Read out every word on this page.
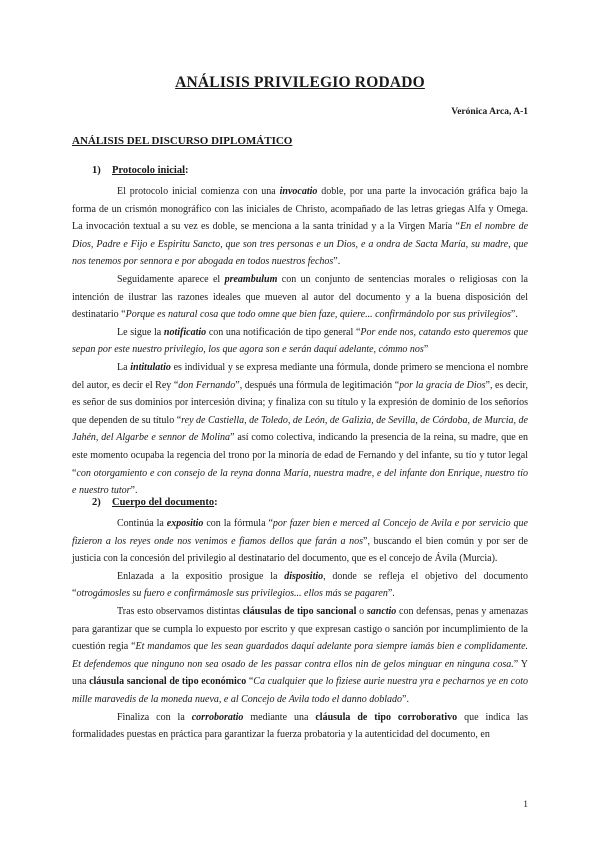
ANÁLISIS PRIVILEGIO RODADO
Verónica Arca, A-1
ANÁLISIS DEL DISCURSO DIPLOMÁTICO
1) Protocolo inicial:

El protocolo inicial comienza con una invocatio doble, por una parte la invocación gráfica bajo la forma de un crismón monográfico con las iniciales de Christo, acompañado de las letras griegas Alfa y Omega. La invocación textual a su vez es doble, se menciona a la santa trinidad y a la Virgen María “En el nombre de Dios, Padre e Fijo e Espiritu Sancto, que son tres personas e un Dios, e a ondra de Sacta María, su madre, que nos tenemos por sennora e por abogada en todos nuestros fechos”.

Seguidamente aparece el preambulum con un conjunto de sentencias morales o religiosas con la intención de ilustrar las razones ideales que mueven al autor del documento y a la buena disposición del destinatario “Porque es natural cosa que todo omne que bien faze, quiere... confirmándolo por sus privilegios”.

Le sigue la notificatio con una notificación de tipo general “Por ende nos, catando esto queremos que sepan por este nuestro privilegio, los que agora son e serán daquí adelante, cómmo nos”

La intitulatio es individual y se expresa mediante una fórmula, donde primero se menciona el nombre del autor, es decir el Rey “don Fernando”, después una fórmula de legitimación “por la gracia de Dios”, es decir, es señor de sus dominios por intercesión divina; y finaliza con su título y la expresión de dominio de los señoríos que dependen de su título “rey de Castiella, de Toledo, de León, de Galizia, de Sevilla, de Córdoba, de Murcia, de Jahén, del Algarbe e sennor de Molina” así como colectiva, indicando la presencia de la reina, su madre, que en este momento ocupaba la regencia del trono por la minoría de edad de Fernando y del infante, su tío y tutor legal “con otorgamiento e con consejo de la reyna donna María, nuestra madre, e del infante don Enrique, nuestro tío e nuestro tutor”.

2) Cuerpo del documento:

Continúa la expositio con la fórmula “por fazer bien e merced al Concejo de Avila e por servicio que fizieron a los reyes onde nos venimos e fiamos dellos que farán a nos”, buscando el bien común y por ser de justicia con la concesión del privilegio al destinatario del documento, que es el concejo de Ávila (Murcia).

Enlazada a la expositio prosigue la dispositio, donde se refleja el objetivo del documento “otrogámosles su fuero e confirmámosle sus privilegios... ellos más se pagaren”.

Tras esto observamos distintas cláusulas de tipo sancional o sanctio con defensas, penas y amenazas para garantizar que se cumpla lo expuesto por escrito y que expresan castigo o sanción por incumplimiento de la cuestión regia “Et mandamos que les sean guardados daquí adelante pora siempre iamás bien e complidamente. Et defendemos que ninguno non sea osado de les passar contra ellos nin de gelos minguar en ninguna cosa.” Y una cláusula sancional de tipo económico “Ca cualquier que lo fiziese aurie nuestra yra e pecharnos ye en coto mille maravedis de la moneda nueva, e al Concejo de Avila todo el danno doblado”.

Finaliza con la corroboratio mediante una cláusula de tipo corroborativo que indica las formalidades puestas en práctica para garantizar la fuerza probatoria y la autenticidad del documento, en

1
